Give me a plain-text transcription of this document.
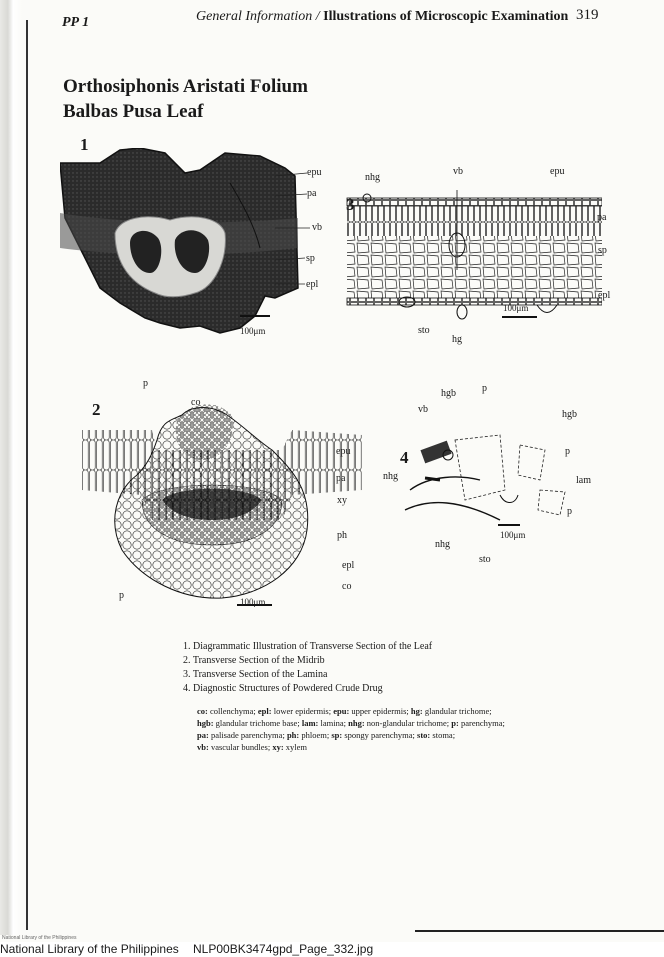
PP 1	General Information / Illustrations of Microscopic Examination 319
Orthosiphonis Aristati Folium
Balbas Pusa Leaf
1
epu
pa
vb
sp
epl
100μm
nhg
vb	epu
pa
sp
epl
sto
hg
100μm
2
p
co
epu
pa
xy
ph
epl
co
p
100μm
4
vb
hgb	p
hgb
p
nhg	lam
p
nhg
sto
100μm
1. Diagrammatic Illustration of Transverse Section of the Leaf
2. Transverse Section of the Midrib
3. Transverse Section of the Lamina
4. Diagnostic Structures of Powdered Crude Drug
co: collenchyma; epl: lower epidermis; epu: upper epidermis; hg: glandular trichome;
hgb: glandular trichome base; lam: lamina; nhg: non-glandular trichome; p: parenchyma;
pa: palisade parenchyma; ph: phloem; sp: spongy parenchyma; sto: stoma;
vb: vascular bundles; xy: xylem
National Library of the Philippines
National Library of the Philippines NLP00BK3474gpd_Page_332.jpg
